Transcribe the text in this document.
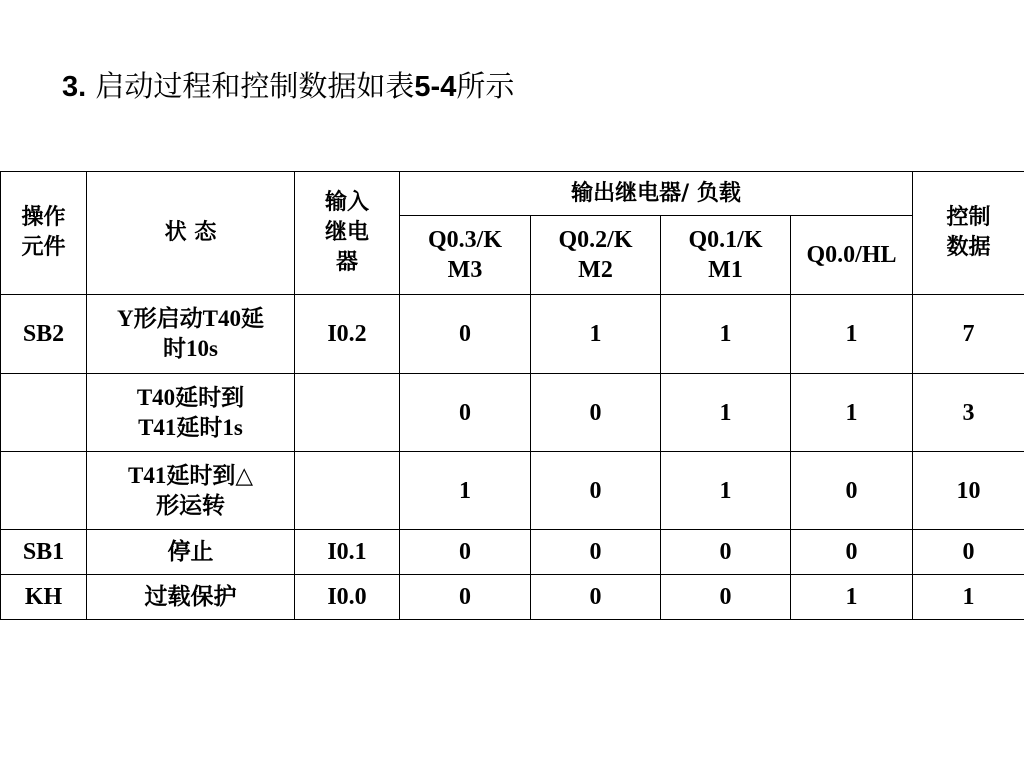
3. 启动过程和控制数据如表5-4所示
操作元件	状 态	输入继电器	输出继电器/ 负载				控制数据

			Q0.3/KM3	Q0.2/KM2	Q0.1/KM1	Q0.0/HL	

SB2	Y形启动T40延时10s	I0.2	0	1	1	1	7

	T40延时到T41延时1s		0	0	1	1	3

	T41延时到△形运转		1	0	1	0	10
SB1	停止	I0.1	0	0	0	0	0
KH	过载保护	I0.0	0	0	0	1	1
